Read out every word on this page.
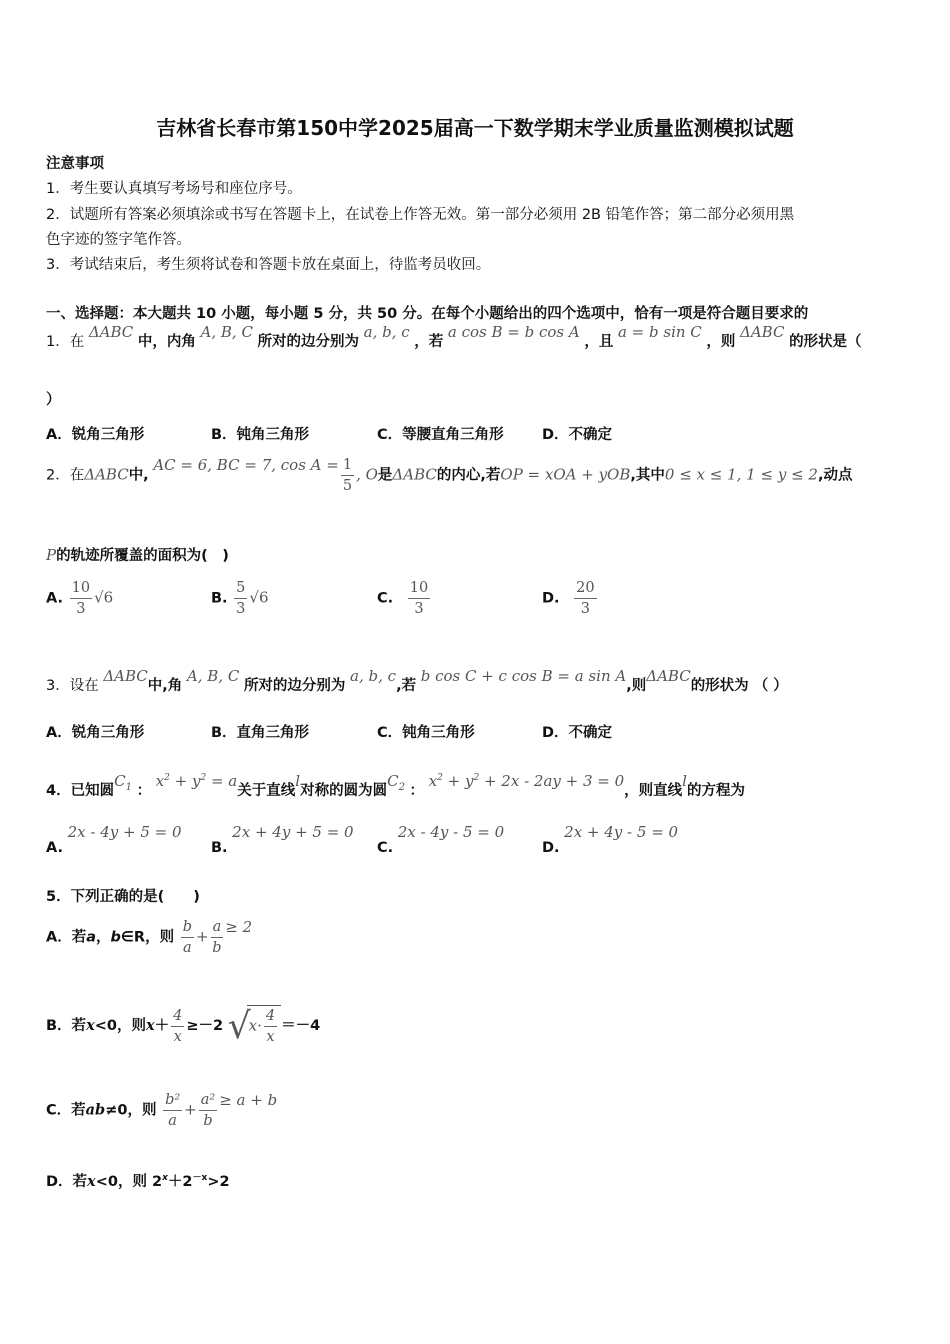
吉林省长春市第150中学2025届高一下数学期末学业质量监测模拟试题
注意事项
1．考生要认真填写考场号和座位序号。
2．试题所有答案必须填涂或书写在答题卡上，在试卷上作答无效。第一部分必须用 2B 铅笔作答；第二部分必须用黑
色字迹的签字笔作答。
3．考试结束后，考生须将试卷和答题卡放在桌面上，待监考员收回。
一、选择题：本大题共 10 小题，每小题 5 分，共 50 分。在每个小题给出的四个选项中，恰有一项是符合题目要求的
1．在 ΔABC 中，内角 A, B, C 所对的边分别为 a, b, c ，若 a cos B = b cos A ，且 a = b sin C ，则 ΔABC 的形状是（
）
A．锐角三角形	B．钝角三角形	C．等腰直角三角形	D．不确定
2．在ΔABC中, AC = 6, BC = 7, $\cos A = \frac{1}{5}$ , O是ΔABC的内心,若OP = xOA + yOB,其中0 ≤ x ≤ 1, 1 ≤ y ≤ 2,动点
P的轨迹所覆盖的面积为(　)
A. $\frac{10}{3} √6$	B. $\frac{5}{3} √6$	C. $\frac{10}{3}$	D. $\frac{20}{3}$
3．设在 ΔABC中,角 A, B, C 所对的边分别为 a, b, c,若 b cos C + c cos B = a sin A,则ΔABC的形状为 （ ）
A．锐角三角形	B．直角三角形	C．钝角三角形	D．不确定
4．已知圆$C_1$ ： $x^2 + y^2 = a$关于直线l对称的圆为圆$C_2$ ： $x^2 + y^2 + 2x - 2ay + 3 = 0$，则直线l的方程为
A. 2x - 4y + 5 = 0
B. 2x + 4y + 5 = 0
C. 2x - 4y - 5 = 0
D. 2x + 4y - 5 = 0
5．下列正确的是(　　)
A．若a，b∈R，则 $\frac{b}{a} + \frac{a}{b} \ge 2$
B．若x<0，则$x+ \frac{4}{x} \ge-2$ $√x\cdot \frac{4}{x} =-4$
C．若ab≠0，则 $\frac{\text{b²}}{a} + \frac{\text{a²}}{b} \ge a + b$
D．若x<0，则 $2^x+2^{-x}>2$
